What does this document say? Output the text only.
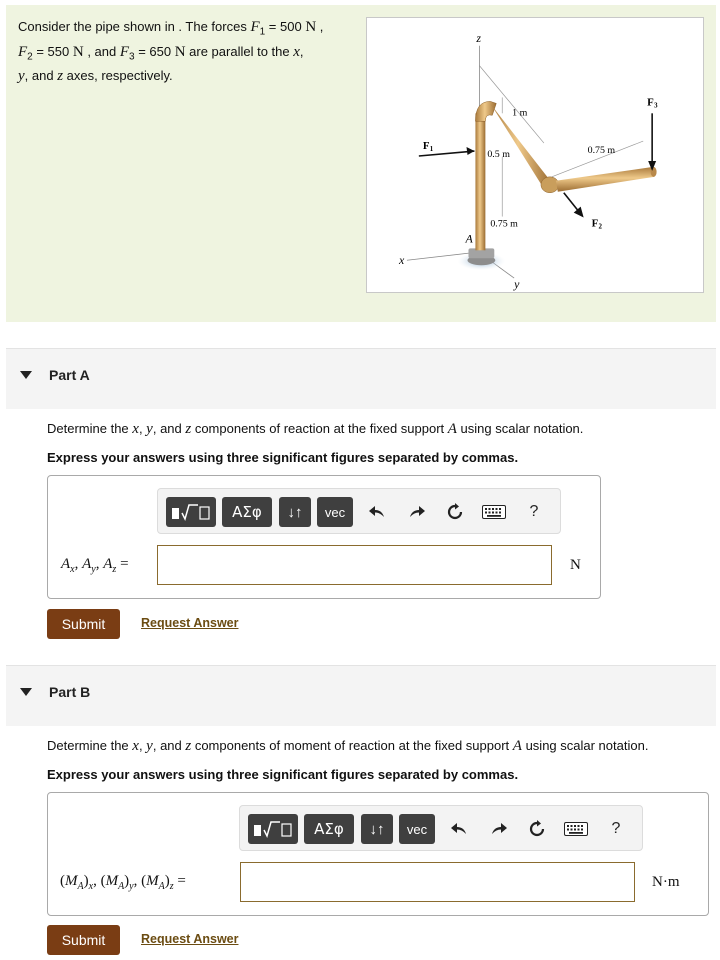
Consider the pipe shown in . The forces $F_1 = 500$ N ,
$F_2 = 550$ N , and $F_3 = 650$ N are parallel to the x,
y, and z axes, respectively.
z
x
y
A
F 1
F 2
F 3
1 m
0.5 m
0.75 m
0.75 m
Part A
Determine the x, y, and z components of reaction at the fixed support A using scalar notation.
Express your answers using three significant figures separated by commas.
ΑΣφ	↓↑	vec	?
$A_x$, $A_y$, $A_z$ =	N
Submit	Request Answer
Part B
Determine the x, y, and z components of moment of reaction at the fixed support A using scalar notation.
Express your answers using three significant figures separated by commas.
ΑΣφ	↓↑	vec	?
$(M_A)_x$, $(M_A)_y$, $(M_A)_z$ =	N·m
Submit	Request Answer
